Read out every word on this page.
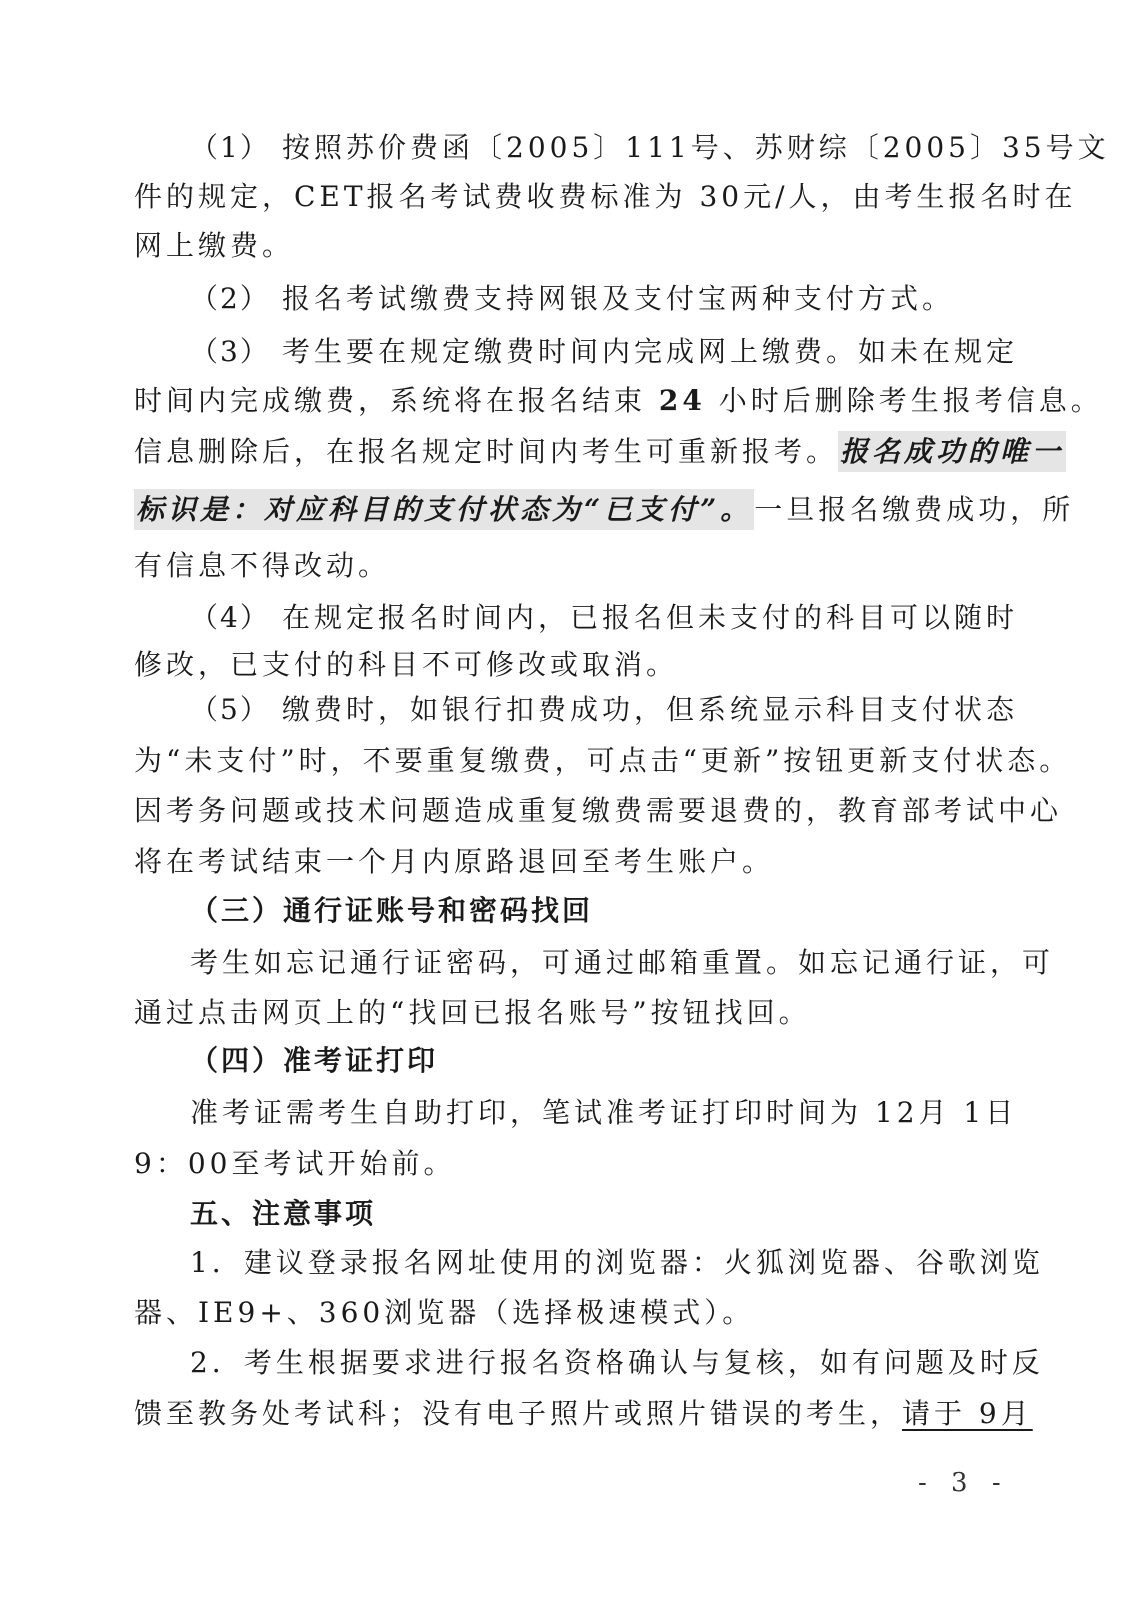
（1） 按照苏价费函〔2005〕111号、苏财综〔2005〕35号文
件的规定，CET报名考试费收费标准为 30元/人，由考生报名时在
网上缴费。
（2） 报名考试缴费支持网银及支付宝两种支付方式。
（3） 考生要在规定缴费时间内完成网上缴费。如未在规定
时间内完成缴费，系统将在报名结束 24 小时后删除考生报考信息。
信息删除后，在报名规定时间内考生可重新报考。报名成功的唯一
标识是：对应科目的支付状态为“已支付”。一旦报名缴费成功，所
有信息不得改动。
（4） 在规定报名时间内，已报名但未支付的科目可以随时
修改，已支付的科目不可修改或取消。
（5） 缴费时，如银行扣费成功，但系统显示科目支付状态
为“未支付”时，不要重复缴费，可点击“更新”按钮更新支付状态。
因考务问题或技术问题造成重复缴费需要退费的，教育部考试中心
将在考试结束一个月内原路退回至考生账户。
（三）通行证账号和密码找回
考生如忘记通行证密码，可通过邮箱重置。如忘记通行证，可
通过点击网页上的“找回已报名账号”按钮找回。
（四）准考证打印
准考证需考生自助打印，笔试准考证打印时间为 12月 1日
9：00至考试开始前。
五、注意事项
1．建议登录报名网址使用的浏览器：火狐浏览器、谷歌浏览
器、IE9+、360浏览器（选择极速模式）。
2．考生根据要求进行报名资格确认与复核，如有问题及时反
馈至教务处考试科；没有电子照片或照片错误的考生，请于 9月
- 3 -
